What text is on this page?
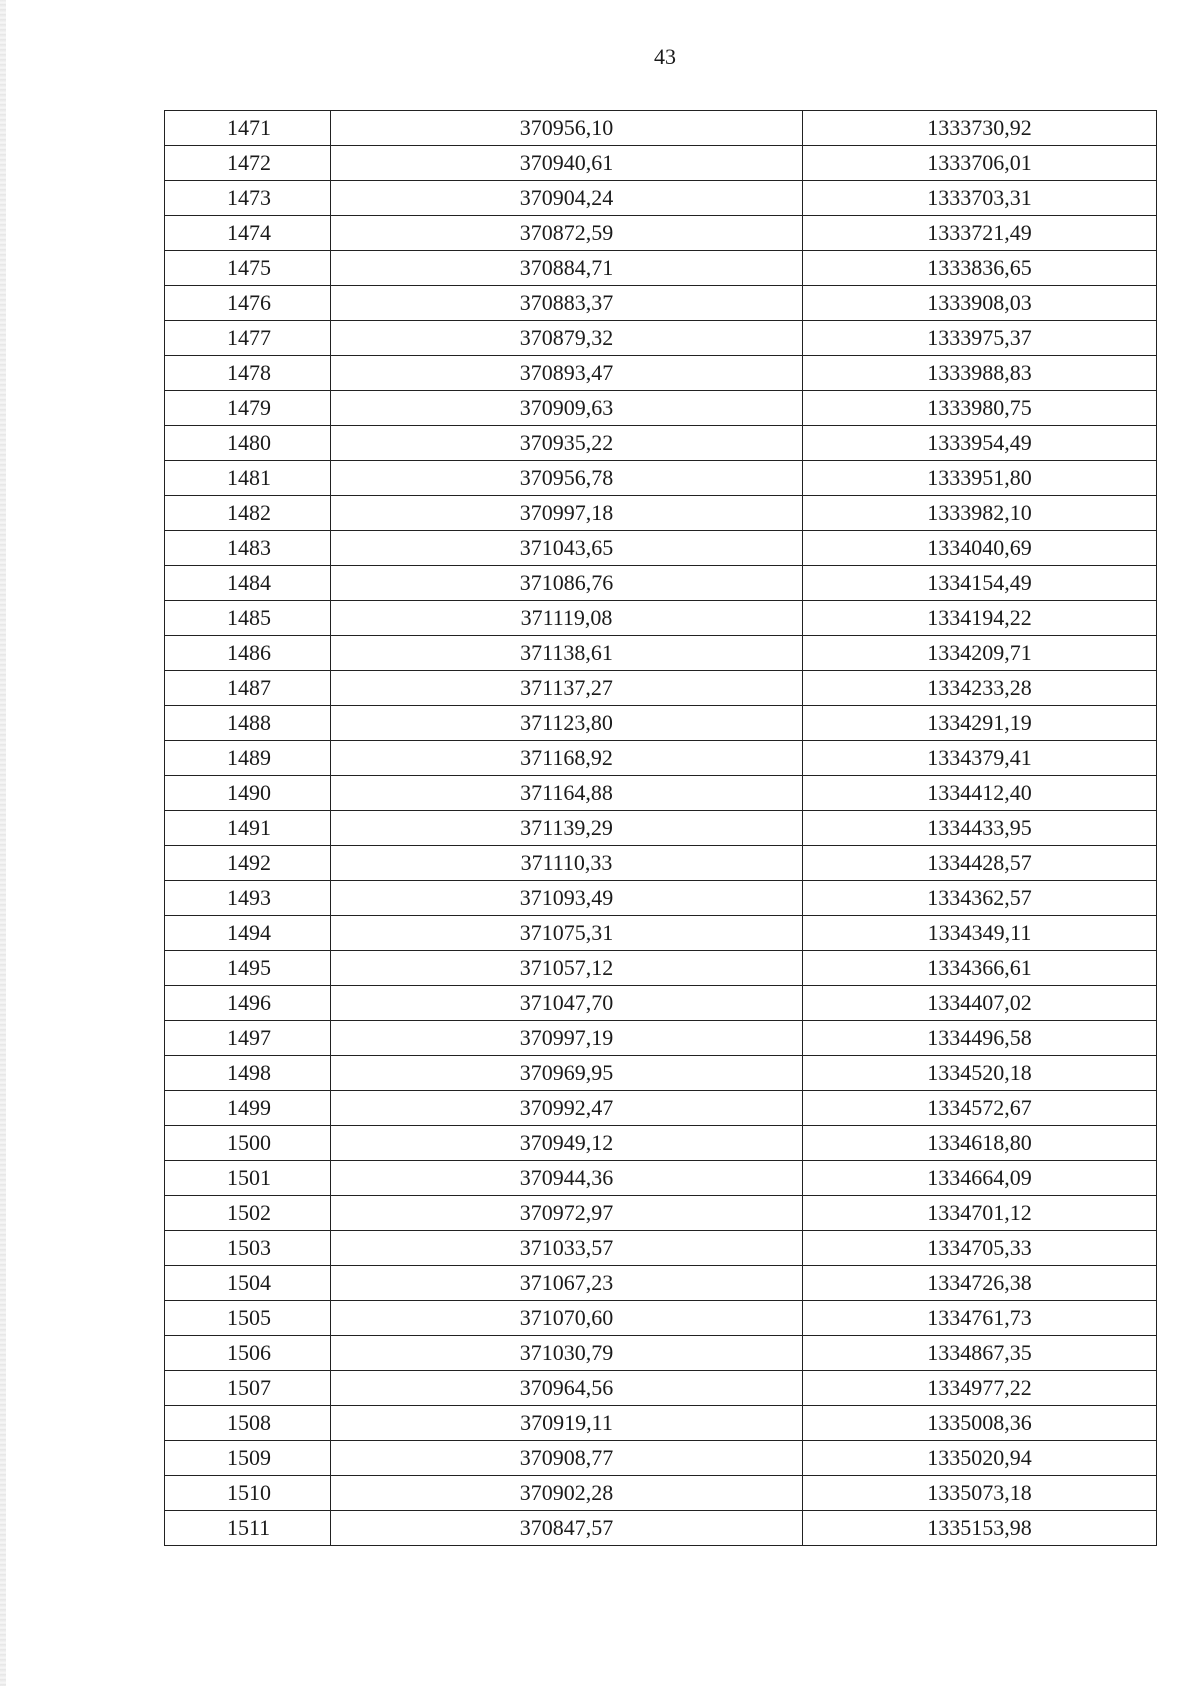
43
1471	370956,10	1333730,92
1472	370940,61	1333706,01
1473	370904,24	1333703,31
1474	370872,59	1333721,49
1475	370884,71	1333836,65
1476	370883,37	1333908,03
1477	370879,32	1333975,37
1478	370893,47	1333988,83
1479	370909,63	1333980,75
1480	370935,22	1333954,49
1481	370956,78	1333951,80
1482	370997,18	1333982,10
1483	371043,65	1334040,69
1484	371086,76	1334154,49
1485	371119,08	1334194,22
1486	371138,61	1334209,71
1487	371137,27	1334233,28
1488	371123,80	1334291,19
1489	371168,92	1334379,41
1490	371164,88	1334412,40
1491	371139,29	1334433,95
1492	371110,33	1334428,57
1493	371093,49	1334362,57
1494	371075,31	1334349,11
1495	371057,12	1334366,61
1496	371047,70	1334407,02
1497	370997,19	1334496,58
1498	370969,95	1334520,18
1499	370992,47	1334572,67
1500	370949,12	1334618,80
1501	370944,36	1334664,09
1502	370972,97	1334701,12
1503	371033,57	1334705,33
1504	371067,23	1334726,38
1505	371070,60	1334761,73
1506	371030,79	1334867,35
1507	370964,56	1334977,22
1508	370919,11	1335008,36
1509	370908,77	1335020,94
1510	370902,28	1335073,18
1511	370847,57	1335153,98
